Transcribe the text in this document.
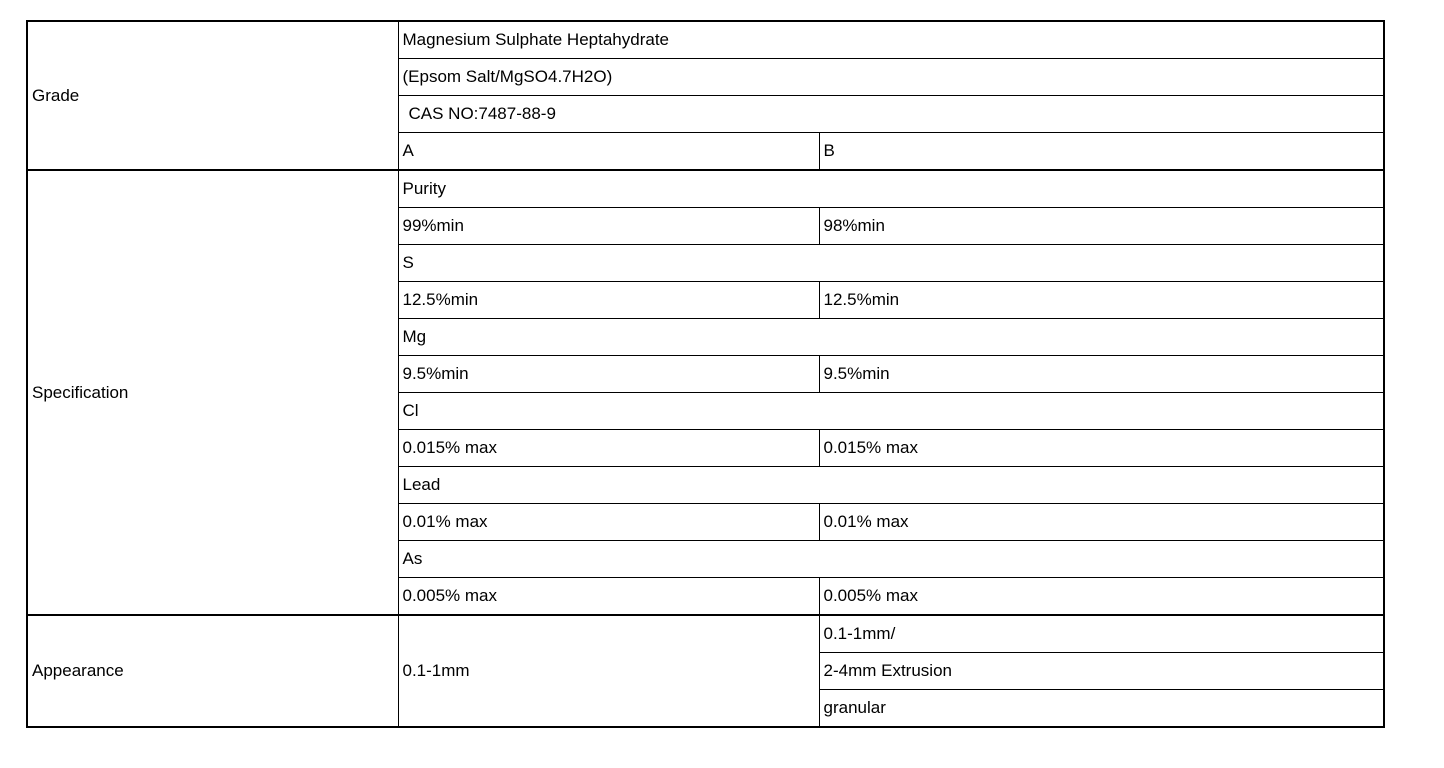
Grade	Magnesium Sulphate Heptahydrate	
	(Epsom Salt/MgSO4.7H2O)	
	CAS NO:7487-88-9	
	A	B
Specification	Purity	
	99%min	98%min
	S	
	12.5%min	12.5%min
	Mg	
	9.5%min	9.5%min
	Cl	
	0.015% max	0.015% max
	Lead	
	0.01% max	0.01% max
	As	
	0.005% max	0.005% max
Appearance	0.1-1mm	0.1-1mm/
		2-4mm Extrusion
		granular
